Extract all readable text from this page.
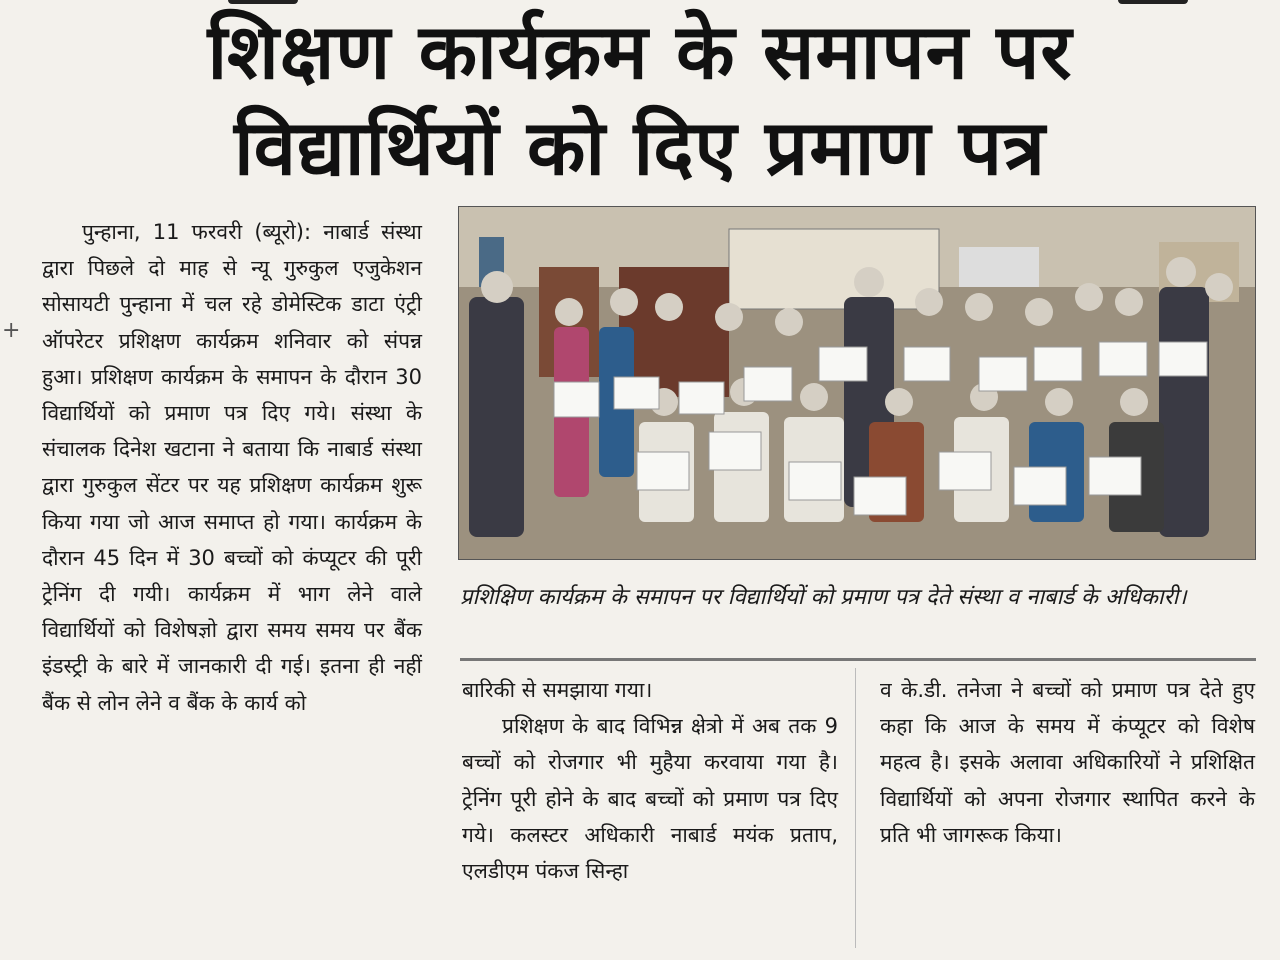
शिक्षण कार्यक्रम के समापन पर
विद्यार्थियों को दिए प्रमाण पत्र
+

पुन्हाना, 11 फरवरी (ब्यूरो): नाबार्ड संस्था द्वारा पिछले दो माह से न्यू गुरुकुल एजुकेशन सोसायटी पुन्हाना में चल रहे डोमेस्टिक डाटा एंट्री ऑपरेटर प्रशिक्षण कार्यक्रम शनिवार को संपन्न हुआ। प्रशिक्षण कार्यक्रम के समापन के दौरान 30 विद्यार्थियों को प्रमाण पत्र दिए गये। संस्था के संचालक दिनेश खटाना ने बताया कि नाबार्ड संस्था द्वारा गुरुकुल सेंटर पर यह प्रशिक्षण कार्यक्रम शुरू किया गया जो आज समाप्त हो गया। कार्यक्रम के दौरान 45 दिन में 30 बच्चों को कंप्यूटर की पूरी ट्रेनिंग दी गयी। कार्यक्रम में भाग लेने वाले विद्यार्थियों को विशेषज्ञो द्वारा समय समय पर बैंक इंडस्ट्री के बारे में जानकारी दी गई। इतना ही नहीं बैंक से लोन लेने व बैंक के कार्य को

प्रशिक्षिण कार्यक्रम के समापन पर विद्यार्थियों को प्रमाण पत्र देते संस्था व नाबार्ड के अधिकारी।

बारिकी से समझाया गया।

प्रशिक्षण के बाद विभिन्न क्षेत्रो में अब तक 9 बच्चों को रोजगार भी मुहैया करवाया गया है। ट्रेनिंग पूरी होने के बाद बच्चों को प्रमाण पत्र दिए गये। कलस्टर अधिकारी नाबार्ड मयंक प्रताप, एलडीएम पंकज सिन्हा

व के.डी. तनेजा ने बच्चों को प्रमाण पत्र देते हुए कहा कि आज के समय में कंप्यूटर को विशेष महत्व है। इसके अलावा अधिकारियों ने प्रशिक्षित विद्यार्थियों को अपना रोजगार स्थापित करने के प्रति भी जागरूक किया।
